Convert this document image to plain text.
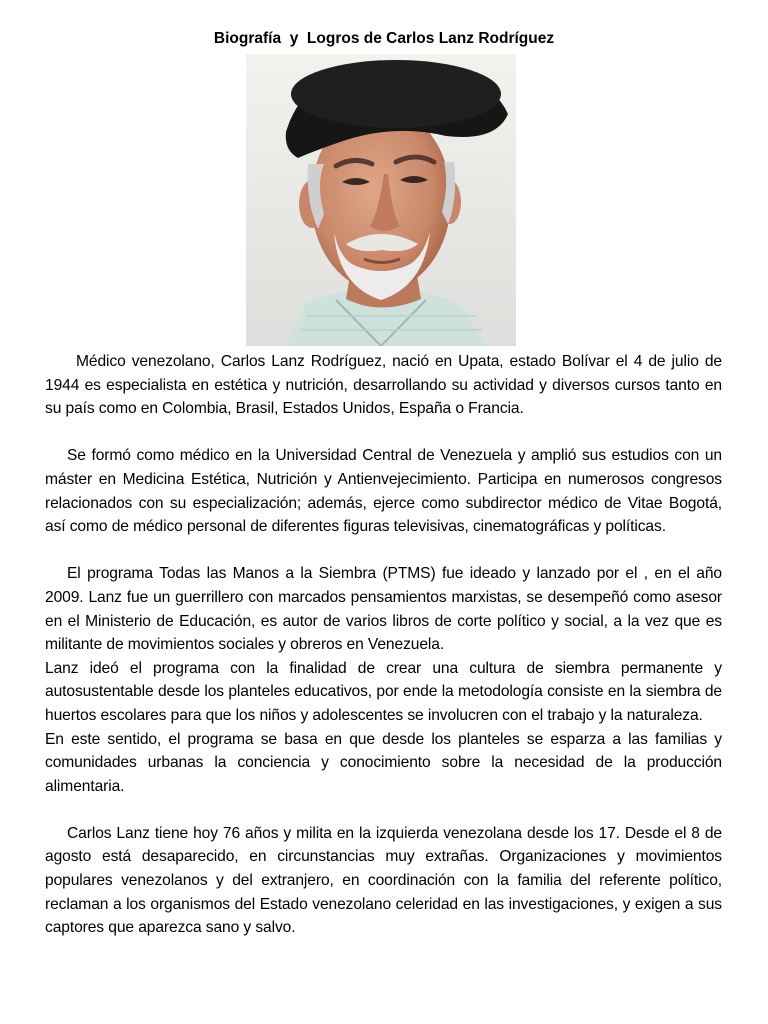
Biografía  y  Logros de Carlos Lanz Rodríguez

Médico venezolano, Carlos Lanz Rodríguez, nació en Upata, estado Bolívar el 4 de julio de 1944 es especialista en estética y nutrición, desarrollando su actividad y diversos cursos tanto en su país como en Colombia, Brasil, Estados Unidos, España o Francia.

Se formó como médico en la Universidad Central de Venezuela y amplió sus estudios con un máster en Medicina Estética, Nutrición y Antienvejecimiento. Participa en numerosos congresos relacionados con su especialización; además, ejerce como subdirector médico de Vitae Bogotá, así como de médico personal de diferentes figuras televisivas, cinematográficas y políticas.

El programa Todas las Manos a la Siembra (PTMS) fue ideado y lanzado por el , en el año 2009. Lanz fue un guerrillero con marcados pensamientos marxistas, se desempeñó como asesor en el Ministerio de Educación, es autor de varios libros de corte político y social, a la vez que es militante de movimientos sociales y obreros en Venezuela.

Lanz ideó el programa con la finalidad de crear una cultura de siembra permanente y autosustentable desde los planteles educativos, por ende la metodología consiste en la siembra de huertos escolares para que los niños y adolescentes se involucren con el trabajo y la naturaleza.

En este sentido, el programa se basa en que desde los planteles se esparza a las familias y comunidades urbanas la conciencia y conocimiento sobre la necesidad de la producción alimentaria.

Carlos Lanz tiene hoy 76 años y milita en la izquierda venezolana desde los 17. Desde el 8 de agosto está desaparecido, en circunstancias muy extrañas. Organizaciones y movimientos populares venezolanos y del extranjero, en coordinación con la familia del referente político, reclaman a los organismos del Estado venezolano celeridad en las investigaciones, y exigen a sus captores que aparezca sano y salvo.
